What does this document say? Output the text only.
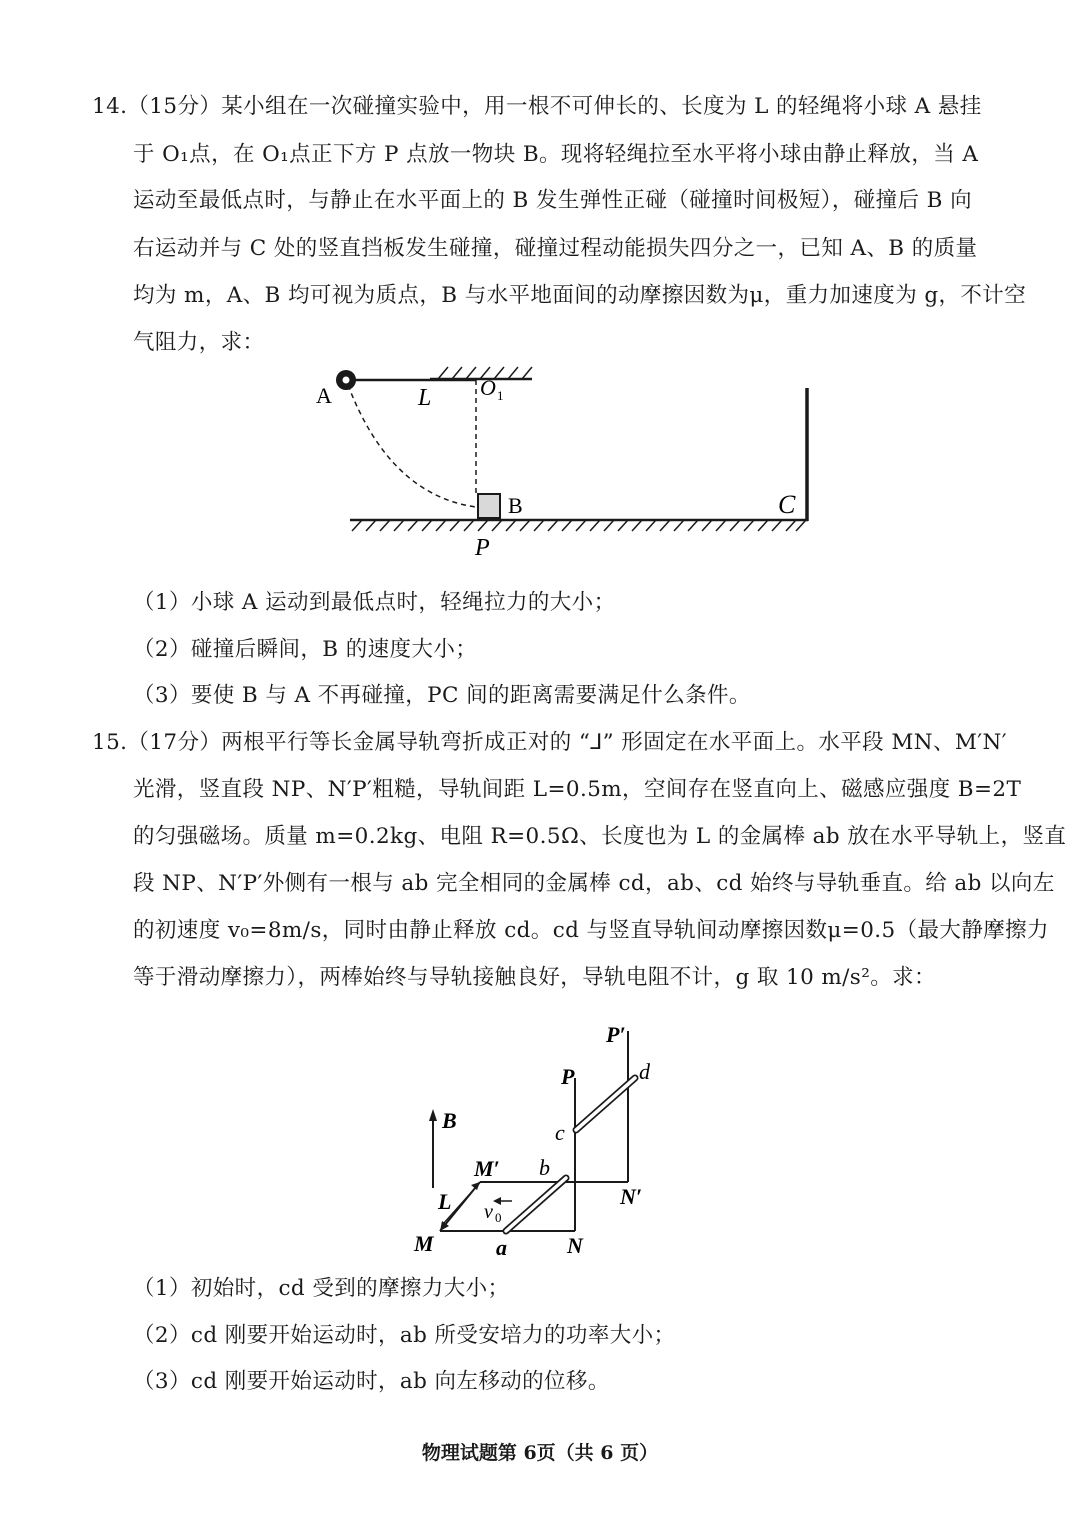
14.（15分）某小组在一次碰撞实验中，用一根不可伸长的、长度为 L 的轻绳将小球 A 悬挂
于 O₁点，在 O₁点正下方 P 点放一物块 B。现将轻绳拉至水平将小球由静止释放，当 A
运动至最低点时，与静止在水平面上的 B 发生弹性正碰（碰撞时间极短），碰撞后 B 向
右运动并与 C 处的竖直挡板发生碰撞，碰撞过程动能损失四分之一，已知 A、B 的质量
均为 m，A、B 均可视为质点，B 与水平地面间的动摩擦因数为μ，重力加速度为 g，不计空
气阻力，求：
A	L O 1
B	C
P
（1）小球 A 运动到最低点时，轻绳拉力的大小；
（2）碰撞后瞬间，B 的速度大小；
（3）要使 B 与 A 不再碰撞，PC 间的距离需要满足什么条件。
15.（17分）两根平行等长金属导轨弯折成正对的 “⅃” 形固定在水平面上。水平段 MN、M′N′
光滑，竖直段 NP、N′P′粗糙，导轨间距 L=0.5m，空间存在竖直向上、磁感应强度 B=2T
的匀强磁场。质量 m=0.2kg、电阻 R=0.5Ω、长度也为 L 的金属棒 ab 放在水平导轨上，竖直
段 NP、N′P′外侧有一根与 ab 完全相同的金属棒 cd，ab、cd 始终与导轨垂直。给 ab 以向左
的初速度 v₀=8m/s，同时由静止释放 cd。cd 与竖直导轨间动摩擦因数μ=0.5（最大静摩擦力
等于滑动摩擦力），两棒始终与导轨接触良好，导轨电阻不计，g 取 10 m/s²。求：
P′
P	d
c
B
M′ b
N′
L v 0
M	a	N
（1）初始时，cd 受到的摩擦力大小；
（2）cd 刚要开始运动时，ab 所受安培力的功率大小；
（3）cd 刚要开始运动时，ab 向左移动的位移。
物理试题第 6页（共 6 页）
